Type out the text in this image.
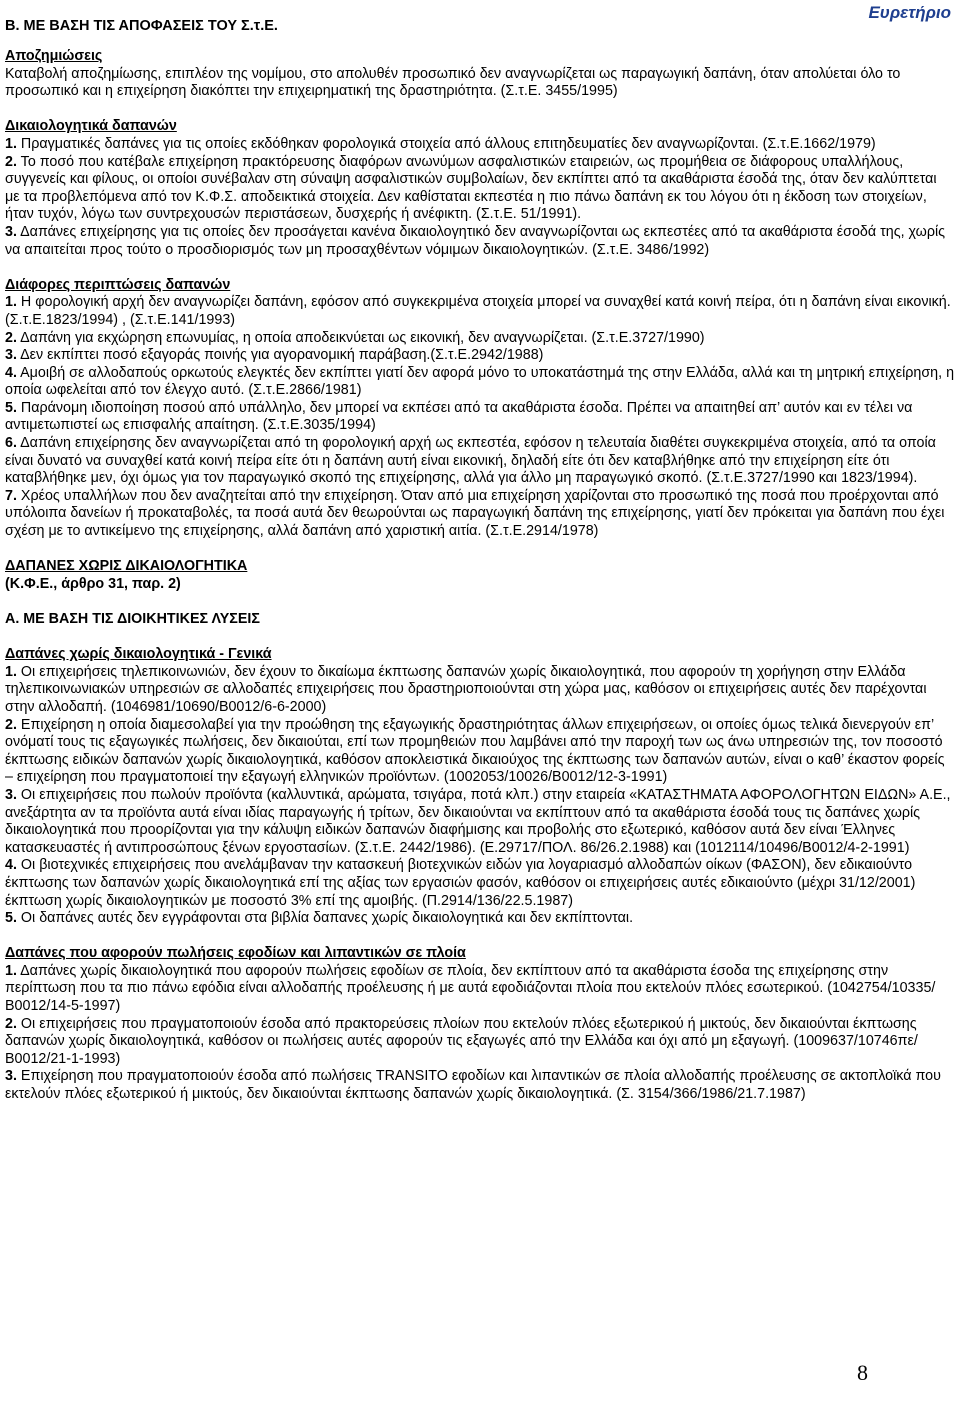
Β. ΜΕ ΒΑΣΗ ΤΙΣ ΑΠΟΦΑΣΕΙΣ ΤΟΥ Σ.τ.Ε.
Ευρετήριο

Αποζημιώσεις

Καταβολή αποζημίωσης, επιπλέον της νομίμου, στο απολυθέν προσωπικό δεν αναγνωρίζεται ως παραγωγική δαπάνη, όταν απολύεται όλο το προσωπικό και η επιχείρηση διακόπτει την επιχειρηματική της δραστηριότητα. (Σ.τ.Ε. 3455/1995)

Δικαιολογητικά δαπανών

1. Πραγματικές δαπάνες για τις οποίες εκδόθηκαν φορολογικά στοιχεία από άλλους επιτηδευματίες δεν αναγνωρίζονται. (Σ.τ.Ε.1662/1979)

2. Το ποσό που κατέβαλε επιχείρηση πρακτόρευσης διαφόρων ανωνύμων ασφαλιστικών εταιρειών, ως προμήθεια σε διάφορους υπαλλήλους, συγγενείς και φίλους, οι οποίοι συνέβαλαν στη σύναψη ασφαλιστικών συμβολαίων, δεν εκπίπτει από τα ακαθάριστα έσοδά της, όταν δεν καλύπτεται με τα προβλεπόμενα από τον Κ.Φ.Σ. αποδεικτικά στοιχεία. Δεν καθίσταται εκπεστέα η πιο πάνω δαπάνη εκ του λόγου ότι η έκδοση των στοιχείων, ήταν τυχόν, λόγω των συντρεχουσών περιστάσεων, δυσχερής ή ανέφικτη. (Σ.τ.Ε. 51/1991).

3. Δαπάνες επιχείρησης για τις οποίες δεν προσάγεται κανένα δικαιολογητικό δεν αναγνωρίζονται ως εκπεστέες από τα ακαθάριστα έσοδά της, χωρίς να απαιτείται προς τούτο ο προσδιορισμός των μη προσαχθέντων νόμιμων δικαιολογητικών. (Σ.τ.Ε. 3486/1992)

Διάφορες περιπτώσεις δαπανών

1. Η φορολογική αρχή δεν αναγνωρίζει δαπάνη, εφόσον από συγκεκριμένα στοιχεία μπορεί να συναχθεί κατά κοινή πείρα, ότι η δαπάνη είναι εικονική. (Σ.τ.Ε.1823/1994) , (Σ.τ.Ε.141/1993)

2. Δαπάνη για εκχώρηση επωνυμίας, η οποία αποδεικνύεται ως εικονική, δεν αναγνωρίζεται. (Σ.τ.Ε.3727/1990)

3. Δεν εκπίπτει ποσό εξαγοράς ποινής για αγορανομική παράβαση.(Σ.τ.Ε.2942/1988)

4. Αμοιβή σε αλλοδαπούς ορκωτούς ελεγκτές δεν εκπίπτει γιατί δεν αφορά μόνο το υποκατάστημά της στην Ελλάδα, αλλά και τη μητρική επιχείρηση, η οποία ωφελείται από τον έλεγχο αυτό. (Σ.τ.Ε.2866/1981)

5. Παράνομη ιδιοποίηση ποσού από υπάλληλο, δεν μπορεί να εκπέσει από τα ακαθάριστα έσοδα. Πρέπει να απαιτηθεί απ’ αυτόν και εν τέλει να αντιμετωπιστεί ως επισφαλής απαίτηση. (Σ.τ.Ε.3035/1994)

6. Δαπάνη επιχείρησης δεν αναγνωρίζεται από τη φορολογική αρχή ως εκπεστέα, εφόσον η τελευταία διαθέτει συγκεκριμένα στοιχεία, από τα οποία είναι δυνατό να συναχθεί κατά κοινή πείρα είτε ότι η δαπάνη αυτή είναι εικονική, δηλαδή είτε ότι δεν καταβλήθηκε από την επιχείρηση είτε ότι καταβλήθηκε μεν, όχι όμως για τον παραγωγικό σκοπό της επιχείρησης, αλλά για άλλο μη παραγωγικό σκοπό. (Σ.τ.Ε.3727/1990 και 1823/1994).

7. Χρέος υπαλλήλων που δεν αναζητείται από την επιχείρηση. Όταν από μια επιχείρηση χαρίζονται στο προσωπικό της ποσά που προέρχονται από υπόλοιπα δανείων ή προκαταβολές, τα ποσά αυτά δεν θεωρούνται ως παραγωγική δαπάνη της επιχείρησης, γιατί δεν πρόκειται για δαπάνη που έχει σχέση με το αντικείμενο της επιχείρησης, αλλά δαπάνη από χαριστική αιτία. (Σ.τ.Ε.2914/1978)

ΔΑΠΑΝΕΣ ΧΩΡΙΣ ΔΙΚΑΙΟΛΟΓΗΤΙΚΑ

(Κ.Φ.Ε., άρθρο 31, παρ. 2)

Α. ΜΕ ΒΑΣΗ ΤΙΣ ΔΙΟΙΚΗΤΙΚΕΣ ΛΥΣΕΙΣ

Δαπάνες χωρίς δικαιολογητικά - Γενικά

1. Οι επιχειρήσεις τηλεπικοινωνιών, δεν έχουν το δικαίωμα έκπτωσης δαπανών χωρίς δικαιολογητικά, που αφορούν τη χορήγηση στην Ελλάδα τηλεπικοινωνιακών υπηρεσιών σε αλλοδαπές επιχειρήσεις που δραστηριοποιούνται στη χώρα μας, καθόσον οι επιχειρήσεις αυτές δεν παρέχονται στην αλλοδαπή. (1046981/10690/Β0012/6-6-2000)

2. Επιχείρηση η οποία διαμεσολαβεί για την προώθηση της εξαγωγικής δραστηριότητας άλλων επιχειρήσεων, οι οποίες όμως τελικά διενεργούν επ’ ονόματί τους τις εξαγωγικές πωλήσεις, δεν δικαιούται, επί των προμηθειών που λαμβάνει από την παροχή των ως άνω υπηρεσιών της, τον ποσοστό έκπτωσης ειδικών δαπανών χωρίς δικαιολογητικά, καθόσον αποκλειστικά δικαιούχος της έκπτωσης των δαπανών αυτών, είναι ο καθ’ έκαστον φορείς – επιχείρηση που πραγματοποιεί την εξαγωγή ελληνικών προϊόντων. (1002053/10026/Β0012/12-3-1991)

3. Οι επιχειρήσεις που πωλούν προϊόντα (καλλυντικά, αρώματα, τσιγάρα, ποτά κλπ.) στην εταιρεία «ΚΑΤΑΣΤΗΜΑΤΑ ΑΦΟΡΟΛΟΓΗΤΩΝ ΕΙΔΩΝ» Α.Ε., ανεξάρτητα αν τα προϊόντα αυτά είναι ιδίας παραγωγής ή τρίτων, δεν δικαιούνται να εκπίπτουν από τα ακαθάριστα έσοδά τους τις δαπάνες χωρίς δικαιολογητικά που προορίζονται για την κάλυψη ειδικών δαπανών διαφήμισης και προβολής στο εξωτερικό, καθόσον αυτά δεν είναι Έλληνες κατασκευαστές ή αντιπροσώπους ξένων εργοστασίων. (Σ.τ.Ε. 2442/1986). (Ε.29717/ΠΟΛ. 86/26.2.1988) και (1012114/10496/Β0012/4-2-1991)

4. Οι βιοτεχνικές επιχειρήσεις που ανελάμβαναν την κατασκευή βιοτεχνικών ειδών για λογαριασμό αλλοδαπών οίκων (ΦΑΣΟΝ), δεν εδικαιούντο έκπτωσης των δαπανών χωρίς δικαιολογητικά επί της αξίας των εργασιών φασόν, καθόσον οι επιχειρήσεις αυτές εδικαιούντο (μέχρι 31/12/2001) έκπτωση χωρίς δικαιολογητικών με ποσοστό 3% επί της αμοιβής. (Π.2914/136/22.5.1987)

5. Οι δαπάνες αυτές δεν εγγράφονται στα βιβλία δαπανες χωρίς δικαιολογητικά και δεν εκπίπτονται.

Δαπάνες που αφορούν πωλήσεις εφοδίων και λιπαντικών σε πλοία

1. Δαπάνες χωρίς δικαιολογητικά που αφορούν πωλήσεις εφοδίων σε πλοία, δεν εκπίπτουν από τα ακαθάριστα έσοδα της επιχείρησης στην περίπτωση που τα πιο πάνω εφόδια είναι αλλοδαπής προέλευσης ή με αυτά εφοδιάζονται πλοία που εκτελούν πλόες εσωτερικού. (1042754/10335/Β0012/14-5-1997)

2. Οι επιχειρήσεις που πραγματοποιούν έσοδα από πρακτορεύσεις πλοίων που εκτελούν πλόες εξωτερικού ή μικτούς, δεν δικαιούνται έκπτωσης δαπανών χωρίς δικαιολογητικά, καθόσον οι πωλήσεις αυτές αφορούν τις εξαγωγές από την Ελλάδα και όχι από μη εξαγωγή. (1009637/10746πε/Β0012/21-1-1993)

3. Επιχείρηση που πραγματοποιούν έσοδα από πωλήσεις TRANSITO εφοδίων και λιπαντικών σε πλοία αλλοδαπής προέλευσης σε ακτοπλοϊκά που εκτελούν πλόες εξωτερικού ή μικτούς, δεν δικαιούνται έκπτωσης δαπανών χωρίς δικαιολογητικά. (Σ. 3154/366/1986/21.7.1987)

8
